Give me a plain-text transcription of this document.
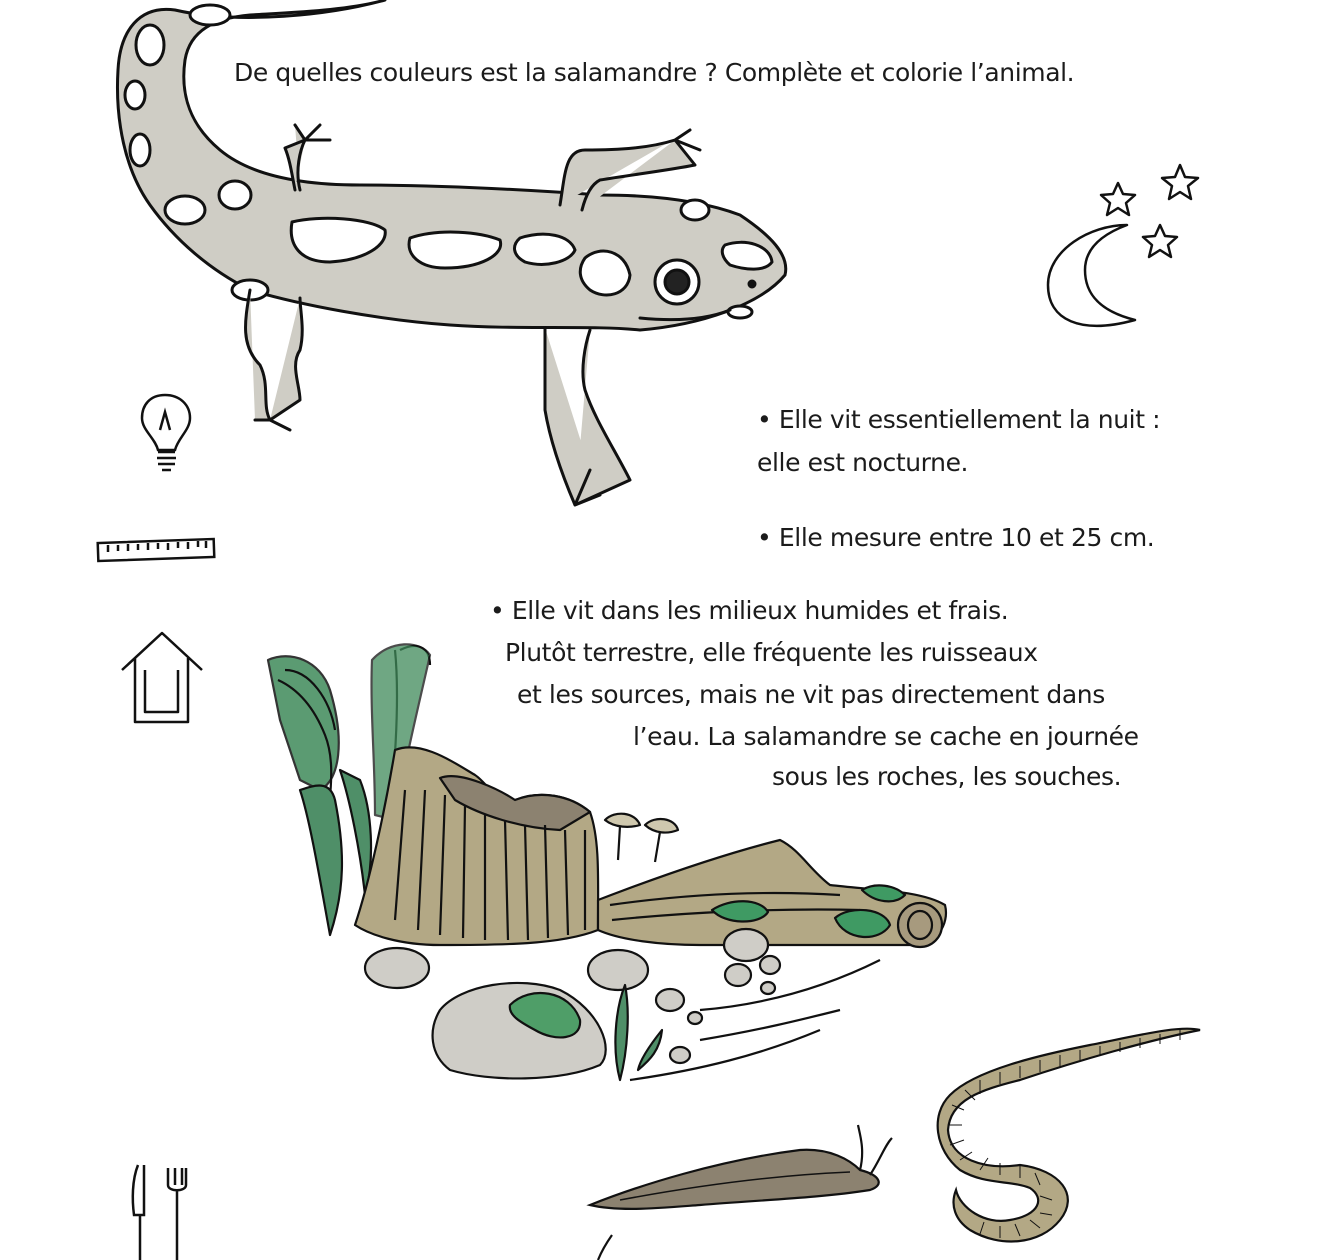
De quelles couleurs est la salamandre ? Complète et colorie l’animal.
• Elle vit essentiellement la nuit :
elle est nocturne.
• Elle mesure entre 10 et 25 cm.
• Elle vit dans les milieux humides et frais.
Plutôt terrestre, elle fréquente les ruisseaux
et les sources, mais ne vit pas directement dans
l’eau. La salamandre se cache en journée
sous les roches, les souches.
